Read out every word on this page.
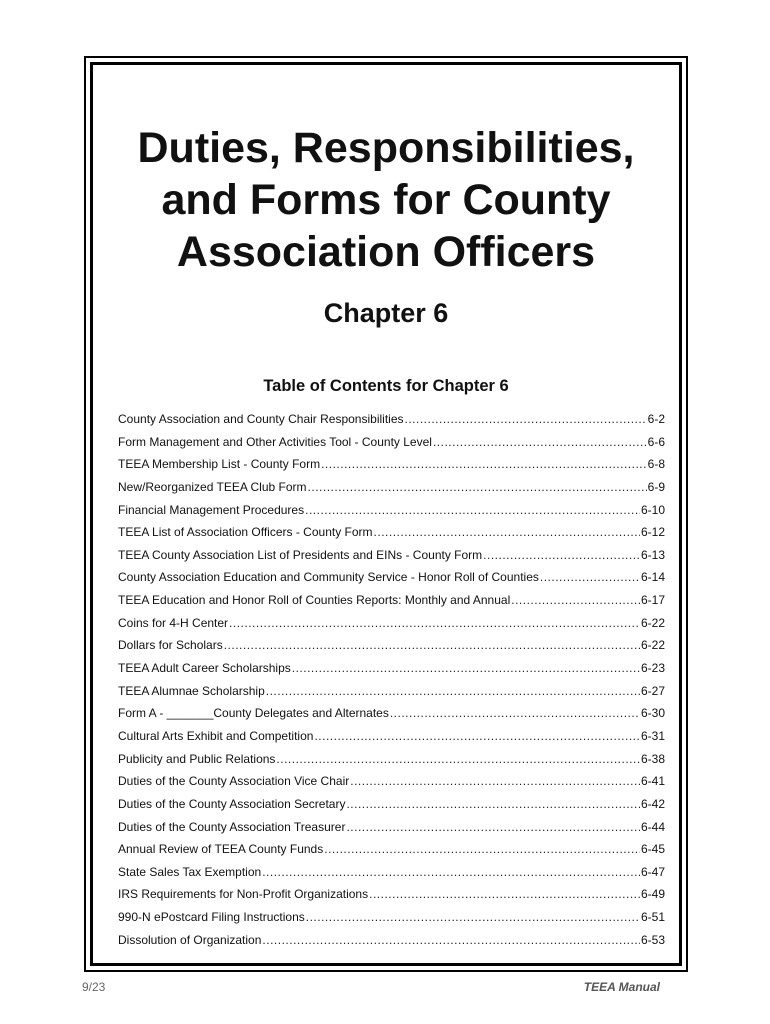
Duties, Responsibilities,
and Forms for County
Association Officers
Chapter 6
Table of Contents for Chapter 6
County Association and County Chair Responsibilities .....	6-2
Form Management and Other Activities Tool - County Level .....	6-6
TEEA Membership List - County Form .....	6-8
New/Reorganized TEEA Club Form .....	6-9
Financial Management Procedures .....	6-10
TEEA List of Association Officers - County Form .....	6-12
TEEA County Association List of Presidents and EINs - County Form .....	6-13
County Association Education and Community Service - Honor Roll of Counties .....	6-14
TEEA Education and Honor Roll of Counties Reports: Monthly and Annual .....	6-17
Coins for 4-H Center .....	6-22
Dollars for Scholars .....	6-22
TEEA Adult Career Scholarships .....	6-23
TEEA Alumnae Scholarship .....	6-27
Form A - _______County Delegates and Alternates .....	6-30
Cultural Arts Exhibit and Competition .....	6-31
Publicity and Public Relations .....	6-38
Duties of the County Association Vice Chair .....	6-41
Duties of the County Association Secretary .....	6-42
Duties of the County Association Treasurer .....	6-44
Annual Review of TEEA County Funds .....	6-45
State Sales Tax Exemption .....	6-47
IRS Requirements for Non-Profit Organizations .....	6-49
990-N ePostcard Filing Instructions .....	6-51
Dissolution of Organization .....	6-53
9/23	TEEA Manual
